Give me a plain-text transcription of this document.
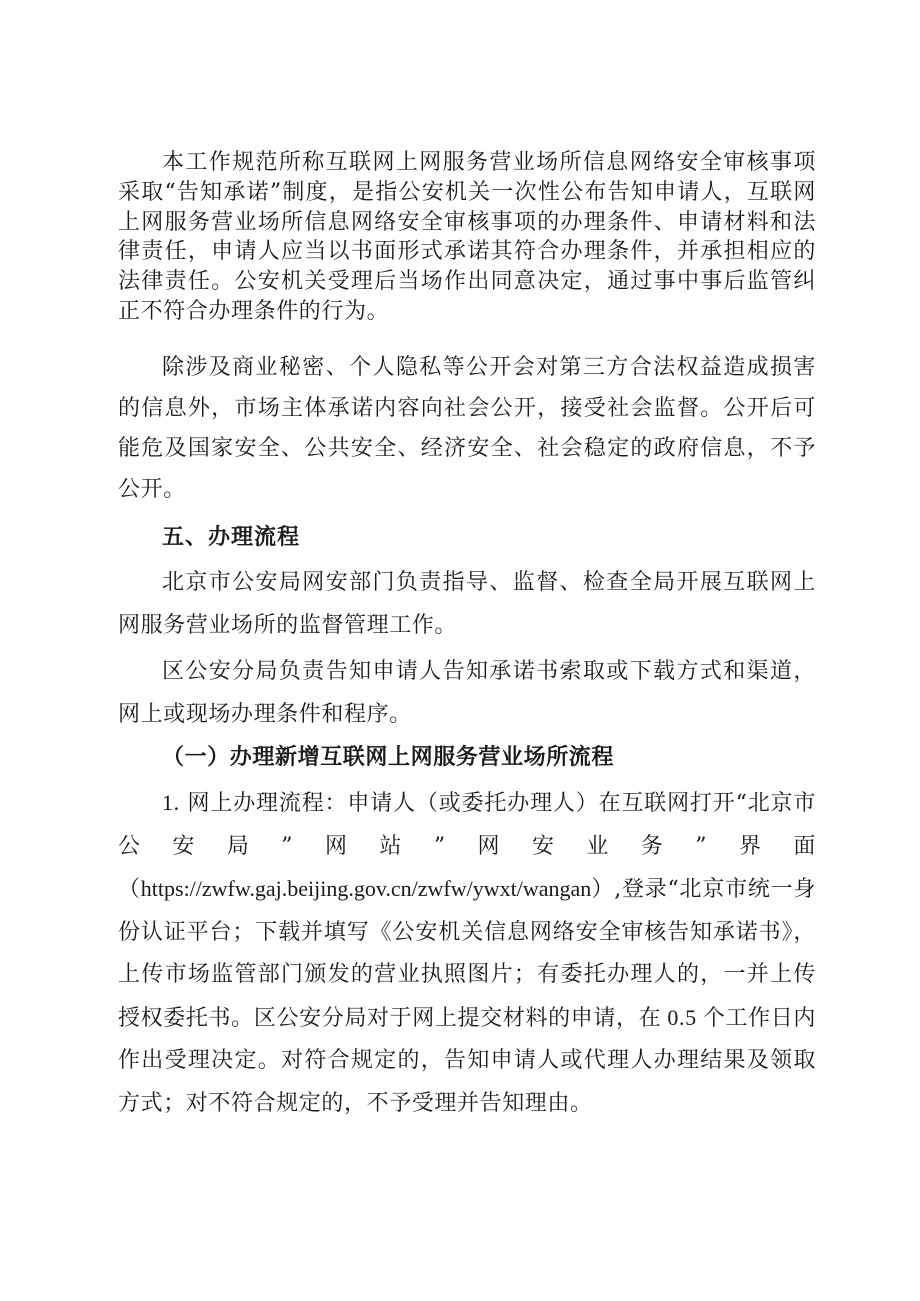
本工作规范所称互联网上网服务营业场所信息网络安全审核事项采取“告知承诺”制度，是指公安机关一次性公布告知申请人，互联网上网服务营业场所信息网络安全审核事项的办理条件、申请材料和法律责任，申请人应当以书面形式承诺其符合办理条件，并承担相应的法律责任。公安机关受理后当场作出同意决定，通过事中事后监管纠正不符合办理条件的行为。

除涉及商业秘密、个人隐私等公开会对第三方合法权益造成损害的信息外，市场主体承诺内容向社会公开，接受社会监督。公开后可能危及国家安全、公共安全、经济安全、社会稳定的政府信息，不予公开。

五、办理流程

北京市公安局网安部门负责指导、监督、检查全局开展互联网上网服务营业场所的监督管理工作。

区公安分局负责告知申请人告知承诺书索取或下载方式和渠道，网上或现场办理条件和程序。

（一）办理新增互联网上网服务营业场所流程

1. 网上办理流程：申请人（或委托办理人）在互联网打开“北京市公安局”网站”网安业务”界面（https://zwfw.gaj.beijing.gov.cn/zwfw/ywxt/wangan）,登录“北京市统一身份认证平台；下载并填写《公安机关信息网络安全审核告知承诺书》，上传市场监管部门颁发的营业执照图片；有委托办理人的，一并上传授权委托书。区公安分局对于网上提交材料的申请，在 0.5 个工作日内作出受理决定。对符合规定的，告知申请人或代理人办理结果及领取方式；对不符合规定的，不予受理并告知理由。
